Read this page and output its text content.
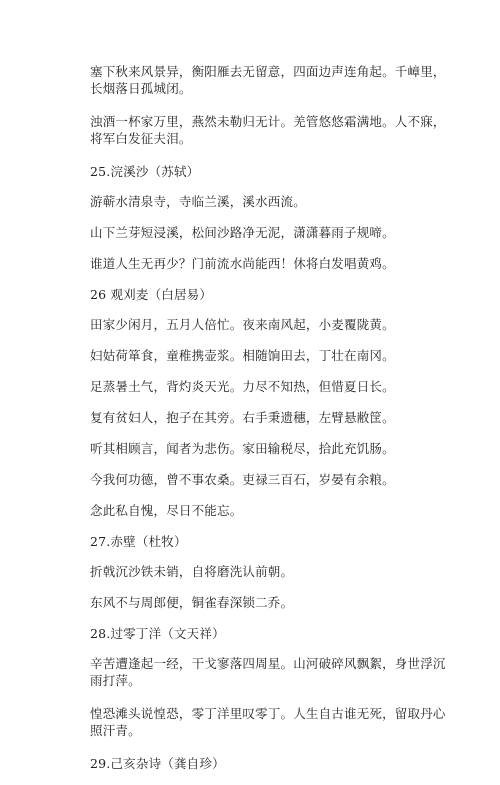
塞下秋来风景异，衡阳雁去无留意，四面边声连角起。千嶂里，长烟落日孤城闭。

浊酒一杯家万里，燕然未勒归无计。羌管悠悠霜满地。人不寐，将军白发征夫泪。

25.浣溪沙（苏轼）

游蕲水清泉寺，寺临兰溪，溪水西流。

山下兰芽短浸溪，松间沙路净无泥，潇潇暮雨子规啼。

谁道人生无再少？门前流水尚能西！休将白发唱黄鸡。

26 观刈麦（白居易）

田家少闲月，五月人倍忙。夜来南风起，小麦覆陇黄。

妇姑荷箪食，童稚携壶浆。相随饷田去，丁壮在南冈。

足蒸暑土气，背灼炎天光。力尽不知热，但惜夏日长。

复有贫妇人，抱子在其旁。右手秉遗穗，左臂悬敝筐。

听其相顾言，闻者为悲伤。家田输税尽，拾此充饥肠。

今我何功德，曾不事农桑。吏禄三百石，岁晏有余粮。

念此私自愧，尽日不能忘。

27.赤壁（杜牧）

折戟沉沙铁未销，自将磨洗认前朝。

东风不与周郎便，铜雀春深锁二乔。

28.过零丁洋（文天祥）

辛苦遭逢起一经，干戈寥落四周星。山河破碎风飘絮，身世浮沉雨打萍。

惶恐滩头说惶恐，零丁洋里叹零丁。人生自古谁无死，留取丹心照汗青。

29.己亥杂诗（龚自珍）
